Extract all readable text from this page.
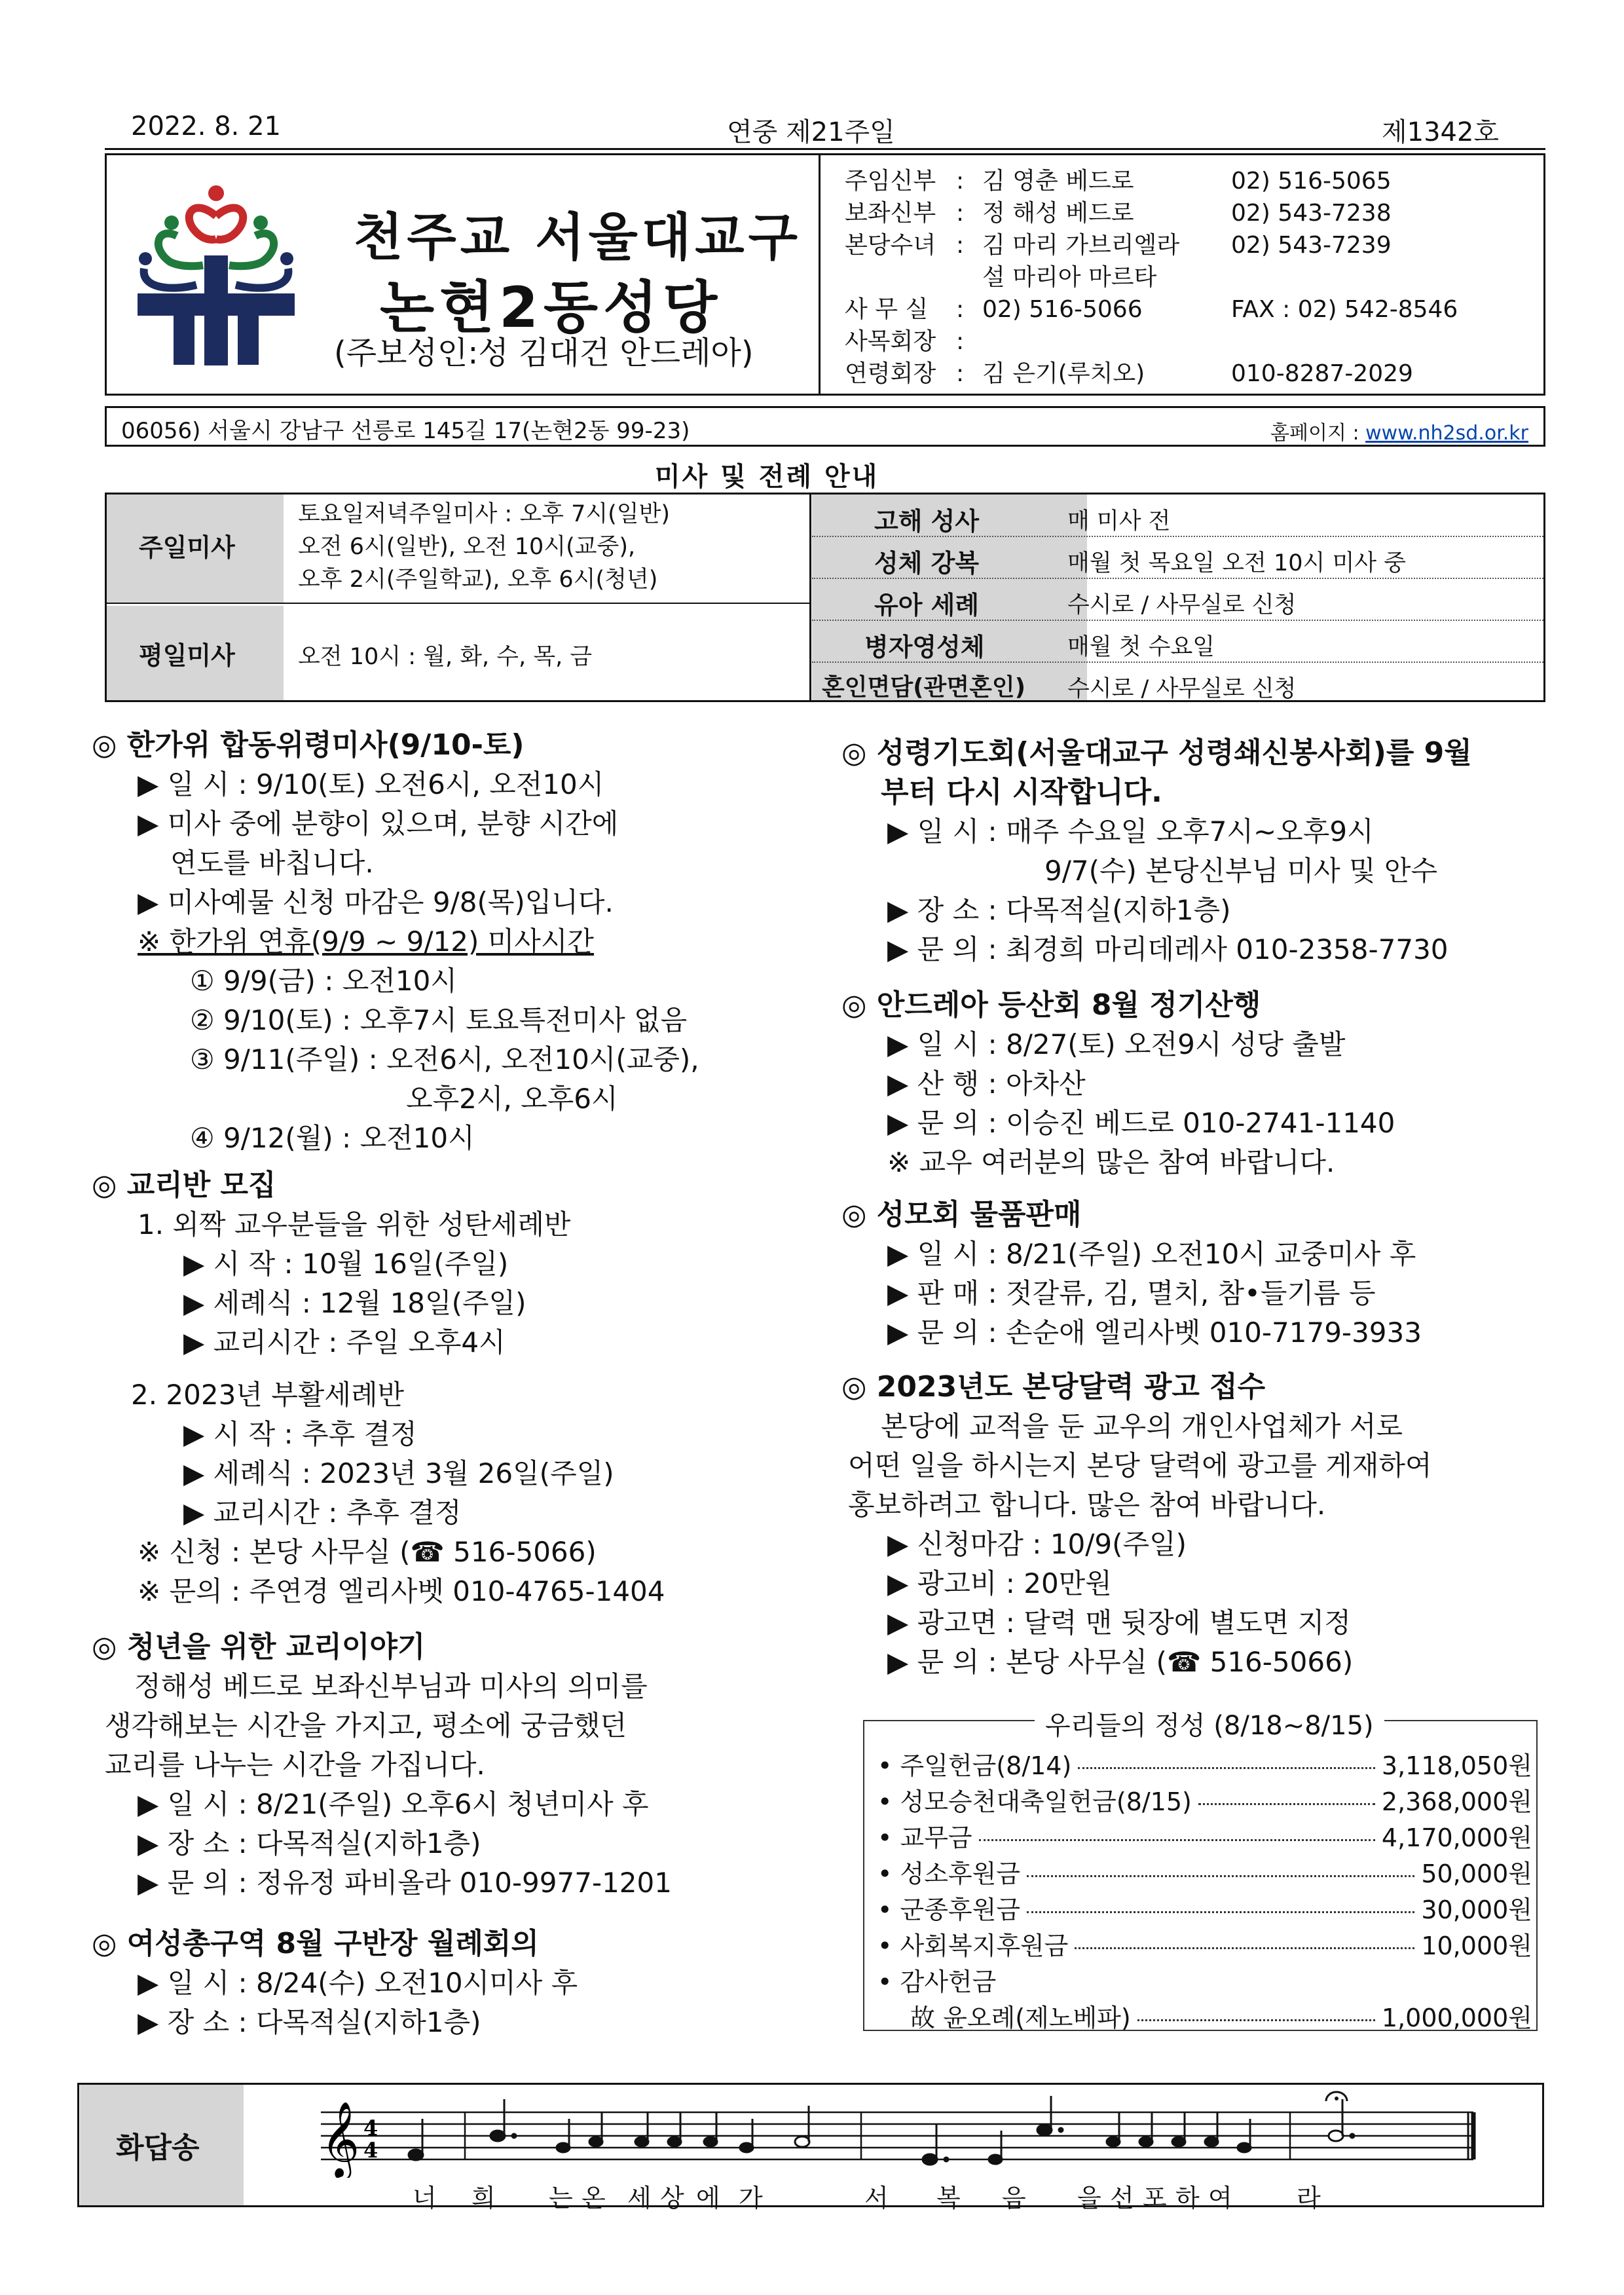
2022. 8. 21	연중 제21주일	제1342호
천주교 서울대교구
논현2동성당
(주보성인:성 김대건 안드레아)
주임신부 : 김 영춘 베드로	02) 516-5065
보좌신부 : 정 해성 베드로	02) 543-7238
본당수녀 : 김 마리 가브리엘라 02) 543-7239
설 마리아 마르타
사 무 실	: 02) 516-5066	FAX : 02) 542-8546
사목회장 :
연령회장 : 김 은기(루치오)	010-8287-2029
06056) 서울시 강남구 선릉로 145길 17(논현2동 99-23)	홈페이지 : www.nh2sd.or.kr
미사 및 전례 안내
주일미사
토요일저녁주일미사 : 오후 7시(일반)
오전 6시(일반), 오전 10시(교중),
오후 2시(주일학교), 오후 6시(청년)
평일미사	오전 10시 : 월, 화, 수, 목, 금
고해 성사	매 미사 전
성체 강복	매월 첫 목요일 오전 10시 미사 중
유아 세례	수시로 / 사무실로 신청
병자영성체	매월 첫 수요일
혼인면담(관면혼인) 수시로 / 사무실로 신청
◎ 한가위 합동위령미사(9/10-토)
▶ 일 시 : 9/10(토) 오전6시, 오전10시
▶ 미사 중에 분향이 있으며, 분향 시간에
연도를 바칩니다.
▶ 미사예물 신청 마감은 9/8(목)입니다.
※ 한가위 연휴(9/9 ~ 9/12) 미사시간
① 9/9(금) : 오전10시
② 9/10(토) : 오후7시 토요특전미사 없음
③ 9/11(주일) : 오전6시, 오전10시(교중),
오후2시, 오후6시
④ 9/12(월) : 오전10시
◎ 교리반 모집
1. 외짝 교우분들을 위한 성탄세례반
▶ 시 작 : 10월 16일(주일)
▶ 세례식 : 12월 18일(주일)
▶ 교리시간 : 주일 오후4시
2. 2023년 부활세례반
▶ 시 작 : 추후 결정
▶ 세례식 : 2023년 3월 26일(주일)
▶ 교리시간 : 추후 결정
※ 신청 : 본당 사무실 (☎ 516-5066)
※ 문의 : 주연경 엘리사벳 010-4765-1404
◎ 청년을 위한 교리이야기
정해성 베드로 보좌신부님과 미사의 의미를
생각해보는 시간을 가지고, 평소에 궁금했던
교리를 나누는 시간을 가집니다.
▶ 일 시 : 8/21(주일) 오후6시 청년미사 후
▶ 장 소 : 다목적실(지하1층)
▶ 문 의 : 정유정 파비올라 010-9977-1201
◎ 여성총구역 8월 구반장 월례회의
▶ 일 시 : 8/24(수) 오전10시미사 후
▶ 장 소 : 다목적실(지하1층)
◎ 성령기도회(서울대교구 성령쇄신봉사회)를 9월
부터 다시 시작합니다.
▶ 일 시 : 매주 수요일 오후7시~오후9시
9/7(수) 본당신부님 미사 및 안수
▶ 장 소 : 다목적실(지하1층)
▶ 문 의 : 최경희 마리데레사 010-2358-7730
◎ 안드레아 등산회 8월 정기산행
▶ 일 시 : 8/27(토) 오전9시 성당 출발
▶ 산 행 : 아차산
▶ 문 의 : 이승진 베드로 010-2741-1140
※ 교우 여러분의 많은 참여 바랍니다.
◎ 성모회 물품판매
▶ 일 시 : 8/21(주일) 오전10시 교중미사 후
▶ 판 매 : 젓갈류, 김, 멸치, 참•들기름 등
▶ 문 의 : 손순애 엘리사벳 010-7179-3933
◎ 2023년도 본당달력 광고 접수
본당에 교적을 둔 교우의 개인사업체가 서로
어떤 일을 하시는지 본당 달력에 광고를 게재하여
홍보하려고 합니다. 많은 참여 바랍니다.
▶ 신청마감 : 10/9(주일)
▶ 광고비 : 20만원
▶ 광고면 : 달력 맨 뒷장에 별도면 지정
▶ 문 의 : 본당 사무실 (☎ 516-5066)
우리들의 정성 (8/18~8/15)
• 주일헌금(8/14)	3,118,050원
• 성모승천대축일헌금(8/15)	2,368,000원
• 교무금	4,170,000원
• 성소후원금	50,000원
• 군종후원금	30,000원
• 사회복지후원금	10,000원
• 감사헌금
故 윤오례(제노베파)	1,000,000원
화답송 𝄞 4
4
너 희 는 온 세 상 에 가	서 복 음 을 선 포 하 여	라
